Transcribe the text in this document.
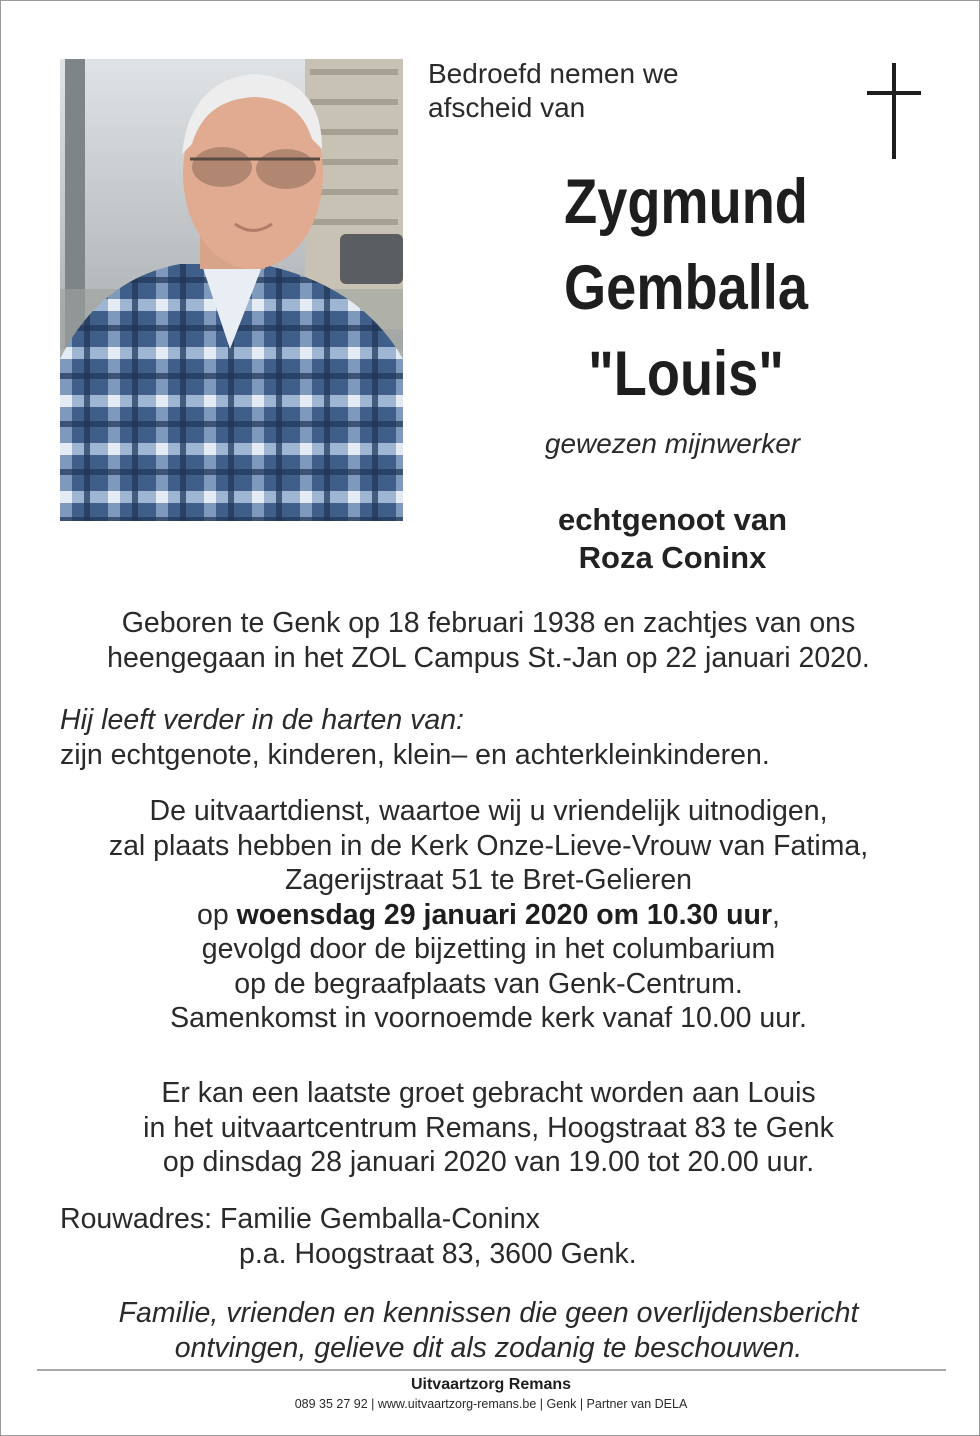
Bedroefd nemen we
afscheid van
Zygmund
Gemballa
"Louis"
gewezen mijnwerker
echtgenoot van
Roza Coninx
Geboren te Genk op 18 februari 1938 en zachtjes van ons
heengegaan in het ZOL Campus St.-Jan op 22 januari 2020.
Hij leeft verder in de harten van:
zijn echtgenote, kinderen, klein– en achterkleinkinderen.
De uitvaartdienst, waartoe wij u vriendelijk uitnodigen,
zal plaats hebben in de Kerk Onze-Lieve-Vrouw van Fatima,
Zagerijstraat 51 te Bret-Gelieren
op woensdag 29 januari 2020 om 10.30 uur,
gevolgd door de bijzetting in het columbarium
op de begraafplaats van Genk-Centrum.
Samenkomst in voornoemde kerk vanaf 10.00 uur.
Er kan een laatste groet gebracht worden aan Louis
in het uitvaartcentrum Remans, Hoogstraat 83 te Genk
op dinsdag 28 januari 2020 van 19.00 tot 20.00 uur.
Rouwadres: Familie Gemballa-Coninx
p.a. Hoogstraat 83, 3600 Genk.
Familie, vrienden en kennissen die geen overlijdensbericht
ontvingen, gelieve dit als zodanig te beschouwen.
Uitvaartzorg Remans
089 35 27 92 | www.uitvaartzorg-remans.be | Genk | Partner van DELA
